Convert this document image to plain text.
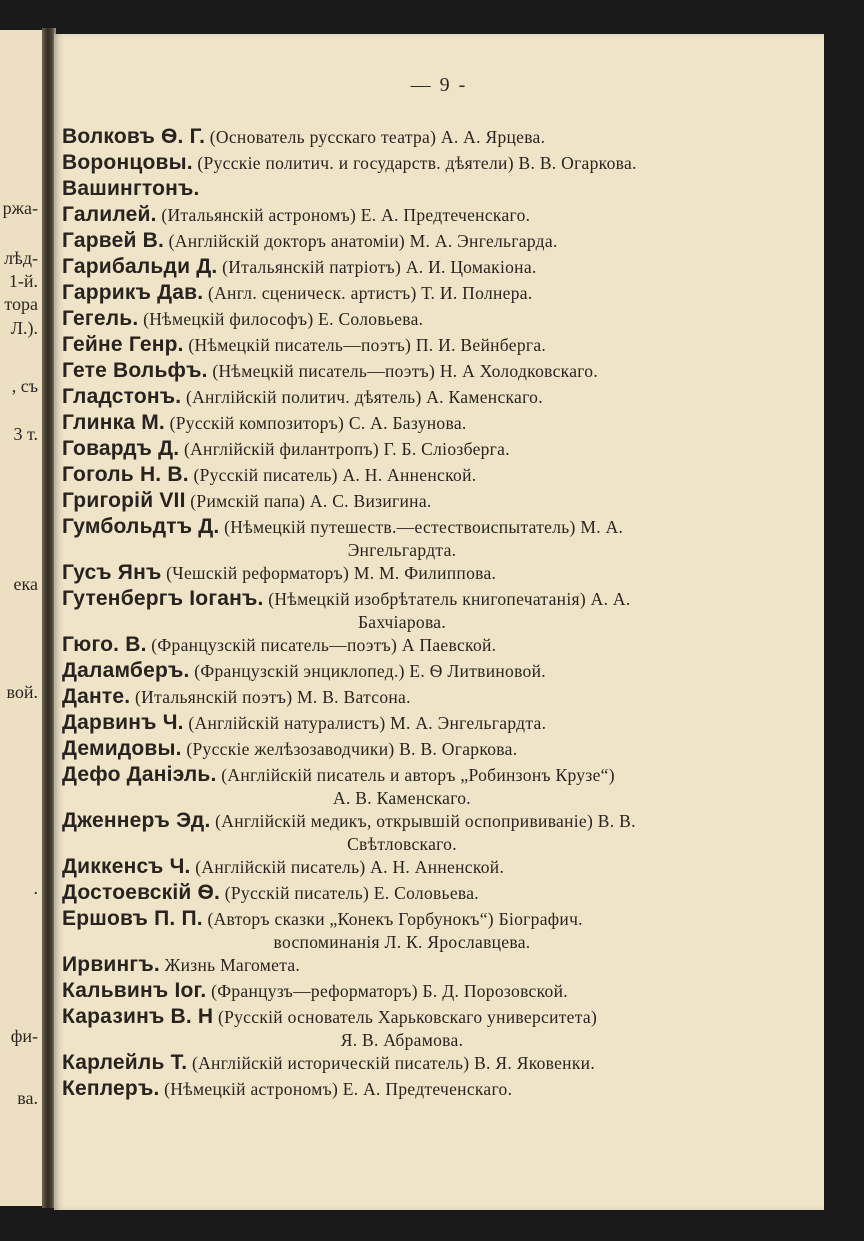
ржа-
лѣд-
1-й.
тора
Л.).
, съ
3 т.
ека
вой.
.
фи-
ва.
— 9 -
Волковъ Ѳ. Г. (Основатель русскаго театра) А. А. Ярцева.
Воронцовы. (Русскіе политич. и государств. дѣятели) В. В. Огаркова.
Вашингтонъ.
Галилей. (Итальянскій астрономъ) Е. А. Предтеченскаго.
Гарвей В. (Англійскій докторъ анатоміи) М. А. Энгельгарда.
Гарибальди Д. (Итальянскій патріотъ) А. И. Цомакіона.
Гаррикъ Дав. (Англ. сценическ. артистъ) Т. И. Полнера.
Гегель. (Нѣмецкій философъ) Е. Соловьева.
Гейне Генр. (Нѣмецкій писатель—поэтъ) П. И. Вейнберга.
Гете Вольфъ. (Нѣмецкій писатель—поэтъ) Н. А Холодковскаго.
Гладстонъ. (Англійскій политич. дѣятель) А. Каменскаго.
Глинка М. (Русскій композиторъ) С. А. Базунова.
Говардъ Д. (Англійскій филантропъ) Г. Б. Сліозберга.
Гоголь Н. В. (Русскій писатель) А. Н. Анненской.
Григорій VII (Римскій папа) А. С. Визигина.
Гумбольдтъ Д. (Нѣмецкій путешеств.—естествоиспытатель) М. А.
Энгельгардта.
Гусъ Янъ (Чешскій реформаторъ) М. М. Филиппова.
Гутенбергъ Іоганъ. (Нѣмецкій изобрѣтатель книгопечатанія) А. А.
Бахчіарова.
Гюго. В. (Французскій писатель—поэтъ) А Паевской.
Даламберъ. (Французскій энциклопед.) Е. Ѳ Литвиновой.
Данте. (Итальянскій поэтъ) М. В. Ватсона.
Дарвинъ Ч. (Англійскій натуралистъ) М. А. Энгельгардта.
Демидовы. (Русскіе желѣзозаводчики) В. В. Огаркова.
Дефо Даніэль. (Англійскій писатель и авторъ „Робинзонъ Крузе“)
А. В. Каменскаго.
Дженнеръ Эд. (Англійскій медикъ, открывшій оспопрививаніе) В. В.
Свѣтловскаго.
Диккенсъ Ч. (Англійскій писатель) А. Н. Анненской.
Достоевскій Ѳ. (Русскій писатель) Е. Соловьева.
Ершовъ П. П. (Авторъ сказки „Конекъ Горбунокъ“) Біографич.
воспоминанія Л. К. Ярославцева.
Ирвингъ. Жизнь Магомета.
Кальвинъ Іог. (Французъ—реформаторъ) Б. Д. Порозовской.
Каразинъ В. Н (Русскій основатель Харьковскаго университета)
Я. В. Абрамова.
Карлейль Т. (Англійскій историческій писатель) В. Я. Яковенки.
Кеплеръ. (Нѣмецкій астрономъ) Е. А. Предтеченскаго.
